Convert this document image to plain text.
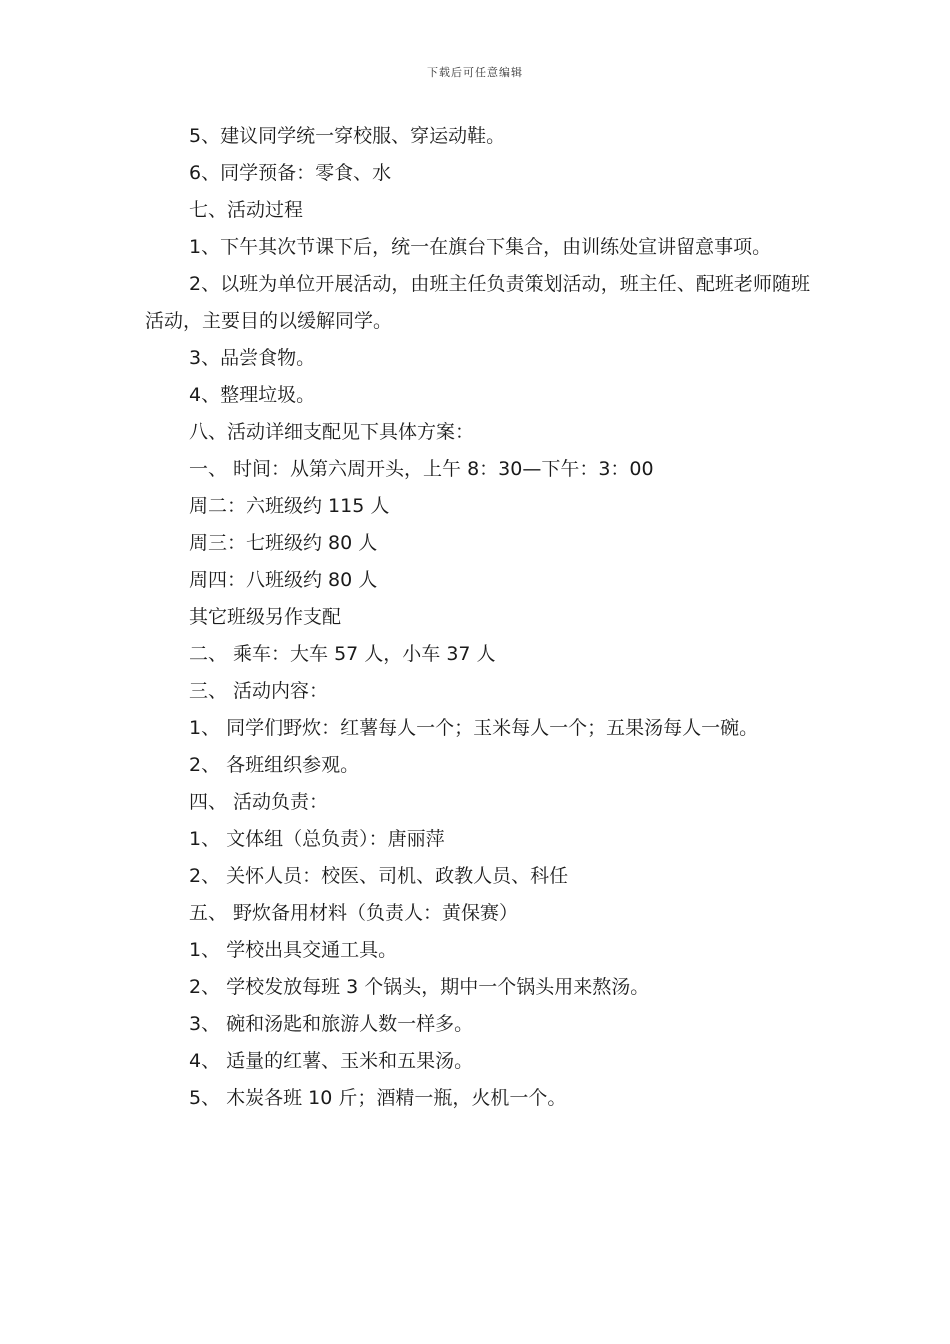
下载后可任意编辑
5、建议同学统一穿校服、穿运动鞋。
6、同学预备：零食、水
七、活动过程
1、下午其次节课下后，统一在旗台下集合，由训练处宣讲留意事项。
2、以班为单位开展活动，由班主任负责策划活动，班主任、配班老师随班活动，主要目的以缓解同学。
3、品尝食物。
4、整理垃圾。
八、活动详细支配见下具体方案：
一、 时间：从第六周开头，上午 8：30—下午：3：00
周二：六班级约 115 人
周三：七班级约 80 人
周四：八班级约 80 人
其它班级另作支配
二、 乘车：大车 57 人，小车 37 人
三、 活动内容：
1、 同学们野炊：红薯每人一个；玉米每人一个；五果汤每人一碗。
2、 各班组织参观。
四、 活动负责：
1、 文体组（总负责）：唐丽萍
2、 关怀人员：校医、司机、政教人员、科任
五、 野炊备用材料（负责人：黄保赛）
1、 学校出具交通工具。
2、 学校发放每班 3 个锅头，期中一个锅头用来熬汤。
3、 碗和汤匙和旅游人数一样多。
4、 适量的红薯、玉米和五果汤。
5、 木炭各班 10 斤；酒精一瓶，火机一个。
